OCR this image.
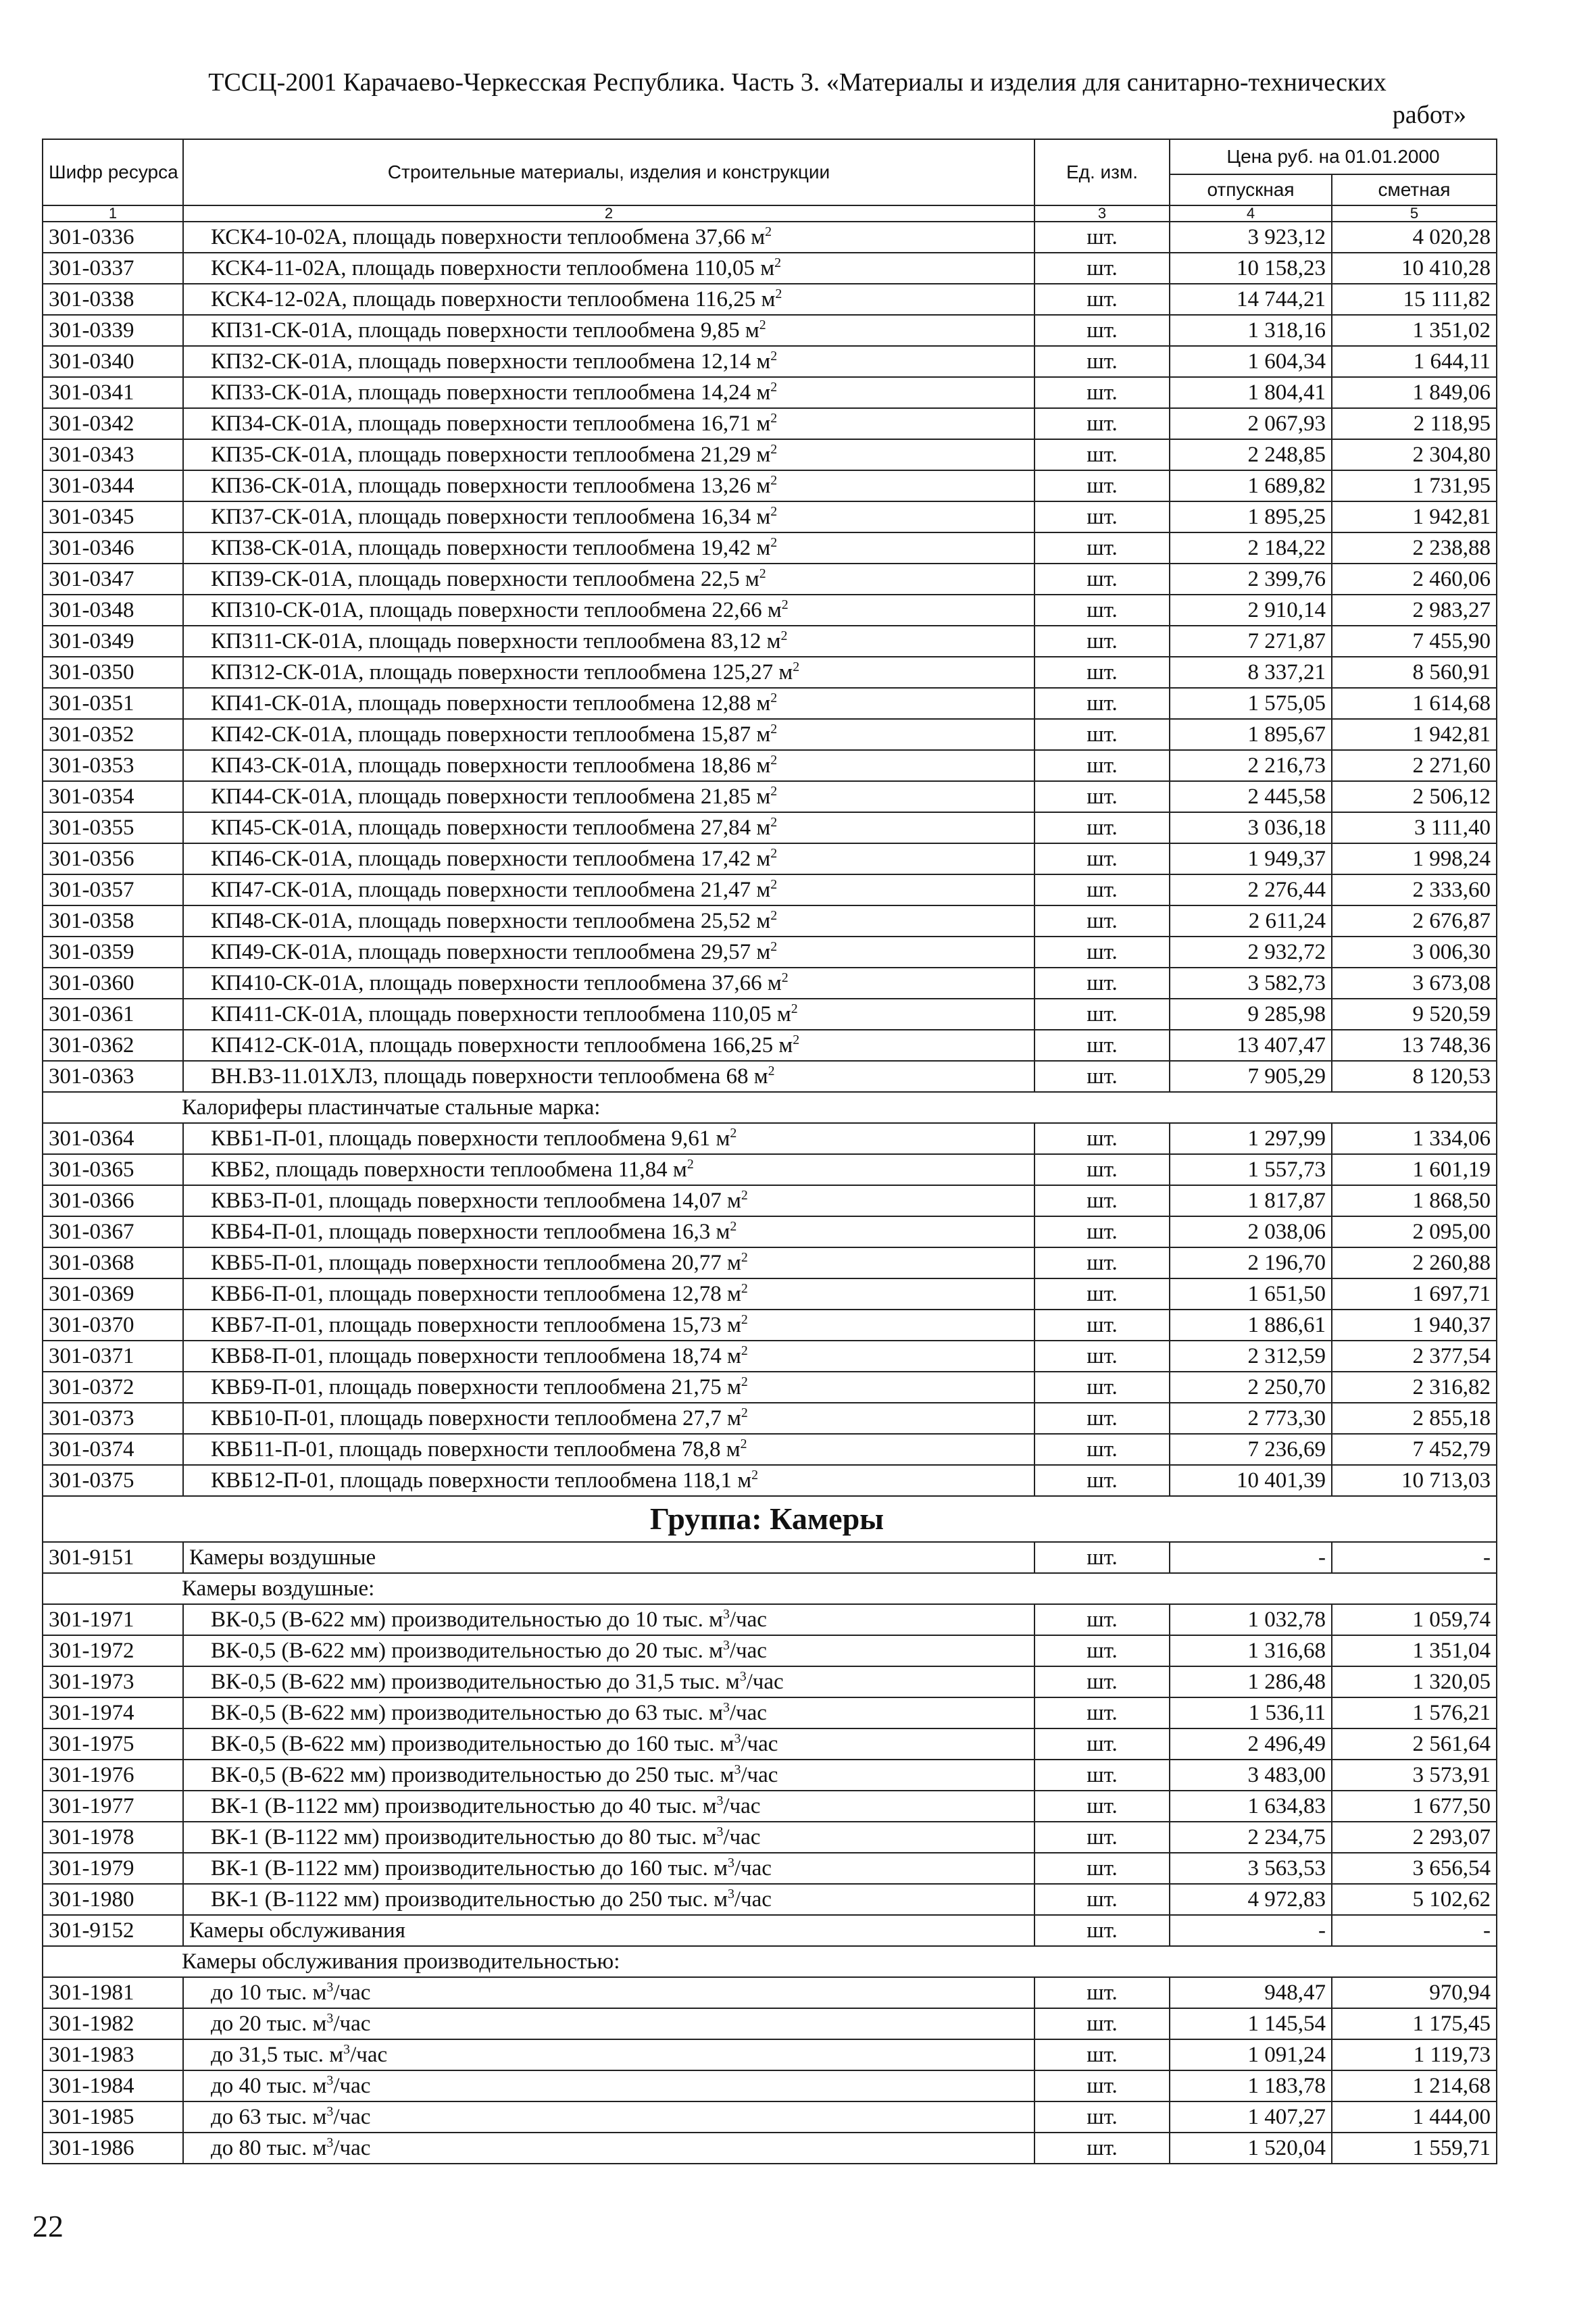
ТССЦ-2001 Карачаево-Черкесская Республика. Часть 3. «Материалы и изделия для санитарно-технических
работ»
Шифр ресурса	Строительные материалы, изделия и конструкции	Ед. изм.	Цена руб. на 01.01.2000	
			отпускная	сметная
1	2	3	4	5
301-0336	КСК4-10-02А, площадь поверхности теплообмена 37,66 $м^2$	шт.	3 923,12	4 020,28
301-0337	КСК4-11-02А, площадь поверхности теплообмена 110,05 $м^2$	шт.	10 158,23	10 410,28
301-0338	КСК4-12-02А, площадь поверхности теплообмена 116,25 $м^2$	шт.	14 744,21	15 111,82
301-0339	КП31-СК-01А, площадь поверхности теплообмена 9,85 $м^2$	шт.	1 318,16	1 351,02
301-0340	КП32-СК-01А, площадь поверхности теплообмена 12,14 $м^2$	шт.	1 604,34	1 644,11
301-0341	КП33-СК-01А, площадь поверхности теплообмена 14,24 $м^2$	шт.	1 804,41	1 849,06
301-0342	КП34-СК-01А, площадь поверхности теплообмена 16,71 $м^2$	шт.	2 067,93	2 118,95
301-0343	КП35-СК-01А, площадь поверхности теплообмена 21,29 $м^2$	шт.	2 248,85	2 304,80
301-0344	КП36-СК-01А, площадь поверхности теплообмена 13,26 $м^2$	шт.	1 689,82	1 731,95
301-0345	КП37-СК-01А, площадь поверхности теплообмена 16,34 $м^2$	шт.	1 895,25	1 942,81
301-0346	КП38-СК-01А, площадь поверхности теплообмена 19,42 $м^2$	шт.	2 184,22	2 238,88
301-0347	КП39-СК-01А, площадь поверхности теплообмена 22,5 $м^2$	шт.	2 399,76	2 460,06
301-0348	КП310-СК-01А, площадь поверхности теплообмена 22,66 $м^2$	шт.	2 910,14	2 983,27
301-0349	КП311-СК-01А, площадь поверхности теплообмена 83,12 $м^2$	шт.	7 271,87	7 455,90
301-0350	КП312-СК-01А, площадь поверхности теплообмена 125,27 $м^2$	шт.	8 337,21	8 560,91
301-0351	КП41-СК-01А, площадь поверхности теплообмена 12,88 $м^2$	шт.	1 575,05	1 614,68
301-0352	КП42-СК-01А, площадь поверхности теплообмена 15,87 $м^2$	шт.	1 895,67	1 942,81
301-0353	КП43-СК-01А, площадь поверхности теплообмена 18,86 $м^2$	шт.	2 216,73	2 271,60
301-0354	КП44-СК-01А, площадь поверхности теплообмена 21,85 $м^2$	шт.	2 445,58	2 506,12
301-0355	КП45-СК-01А, площадь поверхности теплообмена 27,84 $м^2$	шт.	3 036,18	3 111,40
301-0356	КП46-СК-01А, площадь поверхности теплообмена 17,42 $м^2$	шт.	1 949,37	1 998,24
301-0357	КП47-СК-01А, площадь поверхности теплообмена 21,47 $м^2$	шт.	2 276,44	2 333,60
301-0358	КП48-СК-01А, площадь поверхности теплообмена 25,52 $м^2$	шт.	2 611,24	2 676,87
301-0359	КП49-СК-01А, площадь поверхности теплообмена 29,57 $м^2$	шт.	2 932,72	3 006,30
301-0360	КП410-СК-01А, площадь поверхности теплообмена 37,66 $м^2$	шт.	3 582,73	3 673,08
301-0361	КП411-СК-01А, площадь поверхности теплообмена 110,05 $м^2$	шт.	9 285,98	9 520,59
301-0362	КП412-СК-01А, площадь поверхности теплообмена 166,25 $м^2$	шт.	13 407,47	13 748,36
301-0363	ВН.В3-11.01ХЛ3, площадь поверхности теплообмена 68 $м^2$	шт.	7 905,29	8 120,53
Калориферы пластинчатые стальные марка:				
301-0364	КВБ1-П-01, площадь поверхности теплообмена 9,61 $м^2$	шт.	1 297,99	1 334,06
301-0365	КВБ2, площадь поверхности теплообмена 11,84 $м^2$	шт.	1 557,73	1 601,19
301-0366	КВБ3-П-01, площадь поверхности теплообмена 14,07 $м^2$	шт.	1 817,87	1 868,50
301-0367	КВБ4-П-01, площадь поверхности теплообмена 16,3 $м^2$	шт.	2 038,06	2 095,00
301-0368	КВБ5-П-01, площадь поверхности теплообмена 20,77 $м^2$	шт.	2 196,70	2 260,88
301-0369	КВБ6-П-01, площадь поверхности теплообмена 12,78 $м^2$	шт.	1 651,50	1 697,71
301-0370	КВБ7-П-01, площадь поверхности теплообмена 15,73 $м^2$	шт.	1 886,61	1 940,37
301-0371	КВБ8-П-01, площадь поверхности теплообмена 18,74 $м^2$	шт.	2 312,59	2 377,54
301-0372	КВБ9-П-01, площадь поверхности теплообмена 21,75 $м^2$	шт.	2 250,70	2 316,82
301-0373	КВБ10-П-01, площадь поверхности теплообмена 27,7 $м^2$	шт.	2 773,30	2 855,18
301-0374	КВБ11-П-01, площадь поверхности теплообмена 78,8 $м^2$	шт.	7 236,69	7 452,79
301-0375	КВБ12-П-01, площадь поверхности теплообмена 118,1 $м^2$	шт.	10 401,39	10 713,03
Группа: Камеры				
301-9151	Камеры воздушные	шт.	-	-
Камеры воздушные:				
301-1971	ВК-0,5 (В-622 мм) производительностью до 10 тыс. $м^3$/час	шт.	1 032,78	1 059,74
301-1972	ВК-0,5 (В-622 мм) производительностью до 20 тыс. $м^3$/час	шт.	1 316,68	1 351,04
301-1973	ВК-0,5 (В-622 мм) производительностью до 31,5 тыс. $м^3$/час	шт.	1 286,48	1 320,05
301-1974	ВК-0,5 (В-622 мм) производительностью до 63 тыс. $м^3$/час	шт.	1 536,11	1 576,21
301-1975	ВК-0,5 (В-622 мм) производительностью до 160 тыс. $м^3$/час	шт.	2 496,49	2 561,64
301-1976	ВК-0,5 (В-622 мм) производительностью до 250 тыс. $м^3$/час	шт.	3 483,00	3 573,91
301-1977	ВК-1 (В-1122 мм) производительностью до 40 тыс. $м^3$/час	шт.	1 634,83	1 677,50
301-1978	ВК-1 (В-1122 мм) производительностью до 80 тыс. $м^3$/час	шт.	2 234,75	2 293,07
301-1979	ВК-1 (В-1122 мм) производительностью до 160 тыс. $м^3$/час	шт.	3 563,53	3 656,54
301-1980	ВК-1 (В-1122 мм) производительностью до 250 тыс. $м^3$/час	шт.	4 972,83	5 102,62
301-9152	Камеры обслуживания	шт.	-	-
Камеры обслуживания производительностью:				
301-1981	до 10 тыс. $м^3$/час	шт.	948,47	970,94
301-1982	до 20 тыс. $м^3$/час	шт.	1 145,54	1 175,45
301-1983	до 31,5 тыс. $м^3$/час	шт.	1 091,24	1 119,73
301-1984	до 40 тыс. $м^3$/час	шт.	1 183,78	1 214,68
301-1985	до 63 тыс. $м^3$/час	шт.	1 407,27	1 444,00
301-1986	до 80 тыс. $м^3$/час	шт.	1 520,04	1 559,71
22
